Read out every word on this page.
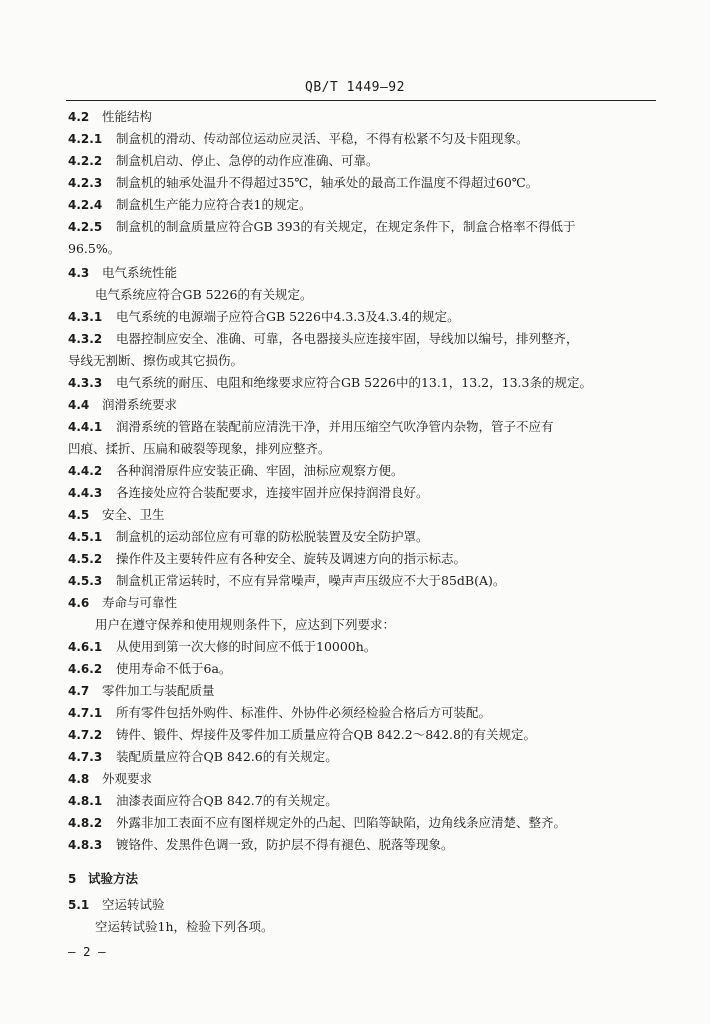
QB/T 1449—92
4.2 性能结构
4.2.1 制盒机的滑动、传动部位运动应灵活、平稳，不得有松紧不匀及卡阻现象。
4.2.2 制盒机启动、停止、急停的动作应准确、可靠。
4.2.3 制盒机的轴承处温升不得超过35℃，轴承处的最高工作温度不得超过60℃。
4.2.4 制盒机生产能力应符合表1的规定。
4.2.5 制盒机的制盒质量应符合GB 393的有关规定，在规定条件下，制盒合格率不得低于
96.5%。
4.3 电气系统性能
电气系统应符合GB 5226的有关规定。
4.3.1 电气系统的电源端子应符合GB 5226中4.3.3及4.3.4的规定。
4.3.2 电器控制应安全、准确、可靠，各电器接头应连接牢固，导线加以编号，排列整齐，
导线无割断、擦伤或其它损伤。
4.3.3 电气系统的耐压、电阻和绝缘要求应符合GB 5226中的13.1，13.2，13.3条的规定。
4.4 润滑系统要求
4.4.1 润滑系统的管路在装配前应清洗干净，并用压缩空气吹净管内杂物，管子不应有
凹痕、揉折、压扁和破裂等现象，排列应整齐。
4.4.2 各种润滑原件应安装正确、牢固，油标应观察方便。
4.4.3 各连接处应符合装配要求，连接牢固并应保持润滑良好。
4.5 安全、卫生
4.5.1 制盒机的运动部位应有可靠的防松脱装置及安全防护罩。
4.5.2 操作件及主要转件应有各种安全、旋转及调速方向的指示标志。
4.5.3 制盒机正常运转时，不应有异常噪声，噪声声压级应不大于85dB(A)。
4.6 寿命与可靠性
用户在遵守保养和使用规则条件下，应达到下列要求：
4.6.1 从使用到第一次大修的时间应不低于10000h。
4.6.2 使用寿命不低于6a。
4.7 零件加工与装配质量
4.7.1 所有零件包括外购件、标准件、外协件必须经检验合格后方可装配。
4.7.2 铸件、锻件、焊接件及零件加工质量应符合QB 842.2～842.8的有关规定。
4.7.3 装配质量应符合QB 842.6的有关规定。
4.8 外观要求
4.8.1 油漆表面应符合QB 842.7的有关规定。
4.8.2 外露非加工表面不应有图样规定外的凸起、凹陷等缺陷，边角线条应清楚、整齐。
4.8.3 镀铬件、发黑件色调一致，防护层不得有褪色、脱落等现象。
5 试验方法
5.1 空运转试验
空运转试验1h，检验下列各项。
— 2 —
